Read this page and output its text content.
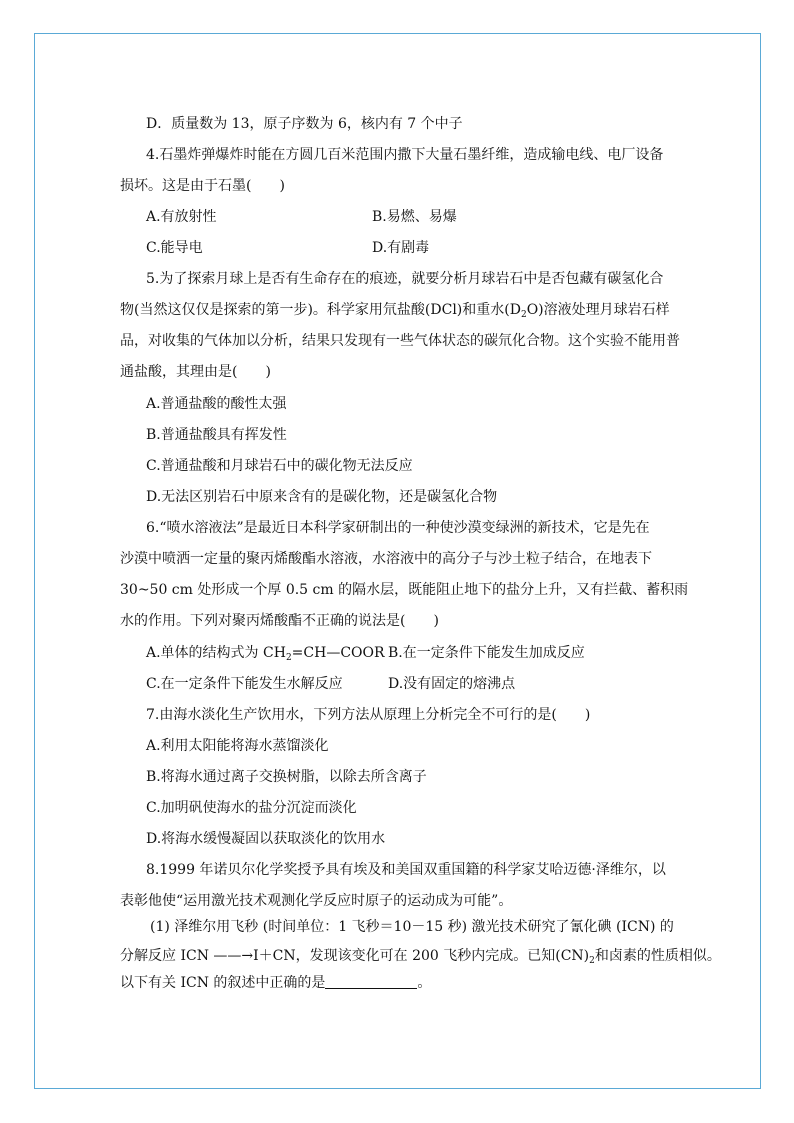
D．质量数为 13，原子序数为 6，核内有 7 个中子
4.石墨炸弹爆炸时能在方圆几百米范围内撒下大量石墨纤维，造成输电线、电厂设备
损坏。这是由于石墨(　　)
A.有放射性	B.易燃、易爆
C.能导电	D.有剧毒
5.为了探索月球上是否有生命存在的痕迹，就要分析月球岩石中是否包藏有碳氢化合
物(当然这仅仅是探索的第一步)。科学家用氘盐酸(DCl)和重水$(D_2O)$溶液处理月球岩石样
品，对收集的气体加以分析，结果只发现有一些气体状态的碳氘化合物。这个实验不能用普
通盐酸，其理由是(　　)
A.普通盐酸的酸性太强
B.普通盐酸具有挥发性
C.普通盐酸和月球岩石中的碳化物无法反应
D.无法区别岩石中原来含有的是碳化物，还是碳氢化合物
6.“喷水溶液法”是最近日本科学家研制出的一种使沙漠变绿洲的新技术，它是先在
沙漠中喷洒一定量的聚丙烯酸酯水溶液，水溶液中的高分子与沙土粒子结合，在地表下
30~50 cm 处形成一个厚 0.5 cm 的隔水层，既能阻止地下的盐分上升，又有拦截、蓄积雨
水的作用。下列对聚丙烯酸酯不正确的说法是(　　)
A.单体的结构式为 $CH_2=CH—COOR$ B.在一定条件下能发生加成反应
C.在一定条件下能发生水解反应	D.没有固定的熔沸点
7.由海水淡化生产饮用水，下列方法从原理上分析完全不可行的是(　　)
A.利用太阳能将海水蒸馏淡化
B.将海水通过离子交换树脂，以除去所含离子
C.加明矾使海水的盐分沉淀而淡化
D.将海水缓慢凝固以获取淡化的饮用水
8.1999 年诺贝尔化学奖授予具有埃及和美国双重国籍的科学家艾哈迈德·泽维尔，以
表彰他使“运用激光技术观测化学反应时原子的运动成为可能”。
(1) 泽维尔用飞秒 (时间单位：1 飞秒＝10－15 秒) 激光技术研究了氰化碘 (ICN) 的
分解反应 ICN ——→I＋CN，发现该变化可在 200 飞秒内完成。已知$(CN)_2$和卤素的性质相似。
以下有关 ICN 的叙述中正确的是	。
